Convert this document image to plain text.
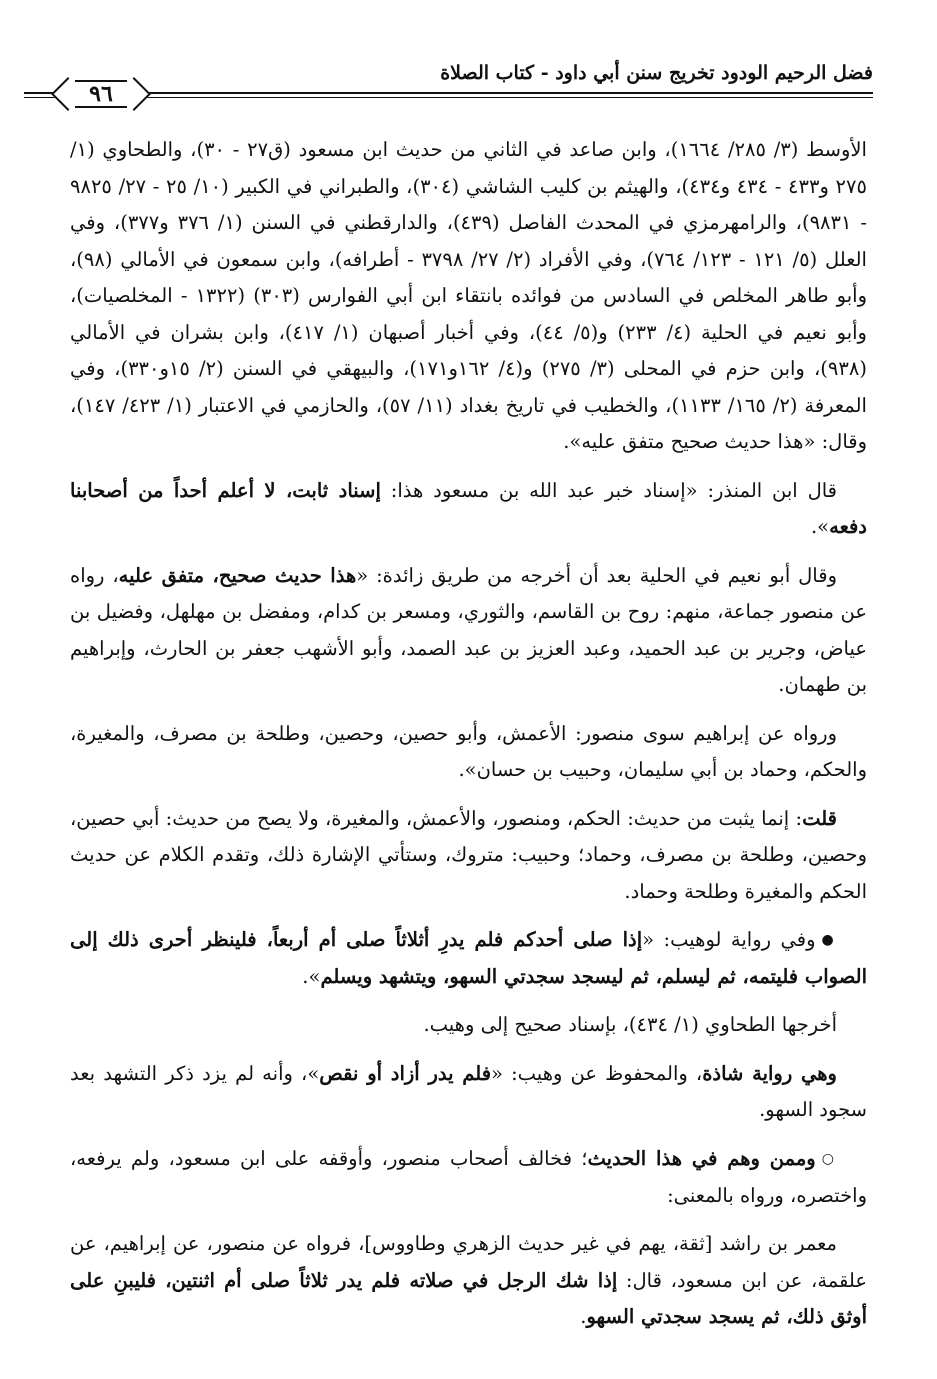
فضل الرحيم الودود تخريج سنن أبي داود - كتاب الصلاة
٩٦

الأوسط (٣/ ٢٨٥/ ١٦٦٤)، وابن صاعد في الثاني من حديث ابن مسعود (ق٢٧ - ٣٠)، والطحاوي (١/ ٢٧٥ و٤٣٣ - ٤٣٤ و٤٣٤)، والهيثم بن كليب الشاشي (٣٠٤)، والطبراني في الكبير (١٠/ ٢٥ - ٢٧/ ٩٨٢٥ - ٩٨٣١)، والرامهرمزي في المحدث الفاصل (٤٣٩)، والدارقطني في السنن (١/ ٣٧٦ و٣٧٧)، وفي العلل (٥/ ١٢١ - ١٢٣/ ٧٦٤)، وفي الأفراد (٢/ ٢٧/ ٣٧٩٨ - أطرافه)، وابن سمعون في الأمالي (٩٨)، وأبو طاهر المخلص في السادس من فوائده بانتقاء ابن أبي الفوارس (٣٠٣) (١٣٢٢ - المخلصيات)، وأبو نعيم في الحلية (٤/ ٢٣٣) و(٥/ ٤٤)، وفي أخبار أصبهان (١/ ٤١٧)، وابن بشران في الأمالي (٩٣٨)، وابن حزم في المحلى (٣/ ٢٧٥) و(٤/ ١٦٢و١٧١)، والبيهقي في السنن (٢/ ١٥و٣٣٠)، وفي المعرفة (٢/ ١٦٥/ ١١٣٣)، والخطيب في تاريخ بغداد (١١/ ٥٧)، والحازمي في الاعتبار (١/ ٤٢٣/ ١٤٧)، وقال: «هذا حديث صحيح متفق عليه».

قال ابن المنذر: «إسناد خبر عبد الله بن مسعود هذا: إسناد ثابت، لا أعلم أحداً من أصحابنا دفعه».

وقال أبو نعيم في الحلية بعد أن أخرجه من طريق زائدة: «هذا حديث صحيح، متفق عليه، رواه عن منصور جماعة، منهم: روح بن القاسم، والثوري، ومسعر بن كدام، ومفضل بن مهلهل، وفضيل بن عياض، وجرير بن عبد الحميد، وعبد العزيز بن عبد الصمد، وأبو الأشهب جعفر بن الحارث، وإبراهيم بن طهمان.

ورواه عن إبراهيم سوى منصور: الأعمش، وأبو حصين، وحصين، وطلحة بن مصرف، والمغيرة، والحكم، وحماد بن أبي سليمان، وحبيب بن حسان».

قلت: إنما يثبت من حديث: الحكم، ومنصور، والأعمش، والمغيرة، ولا يصح من حديث: أبي حصين، وحصين، وطلحة بن مصرف، وحماد؛ وحبيب: متروك، وستأتي الإشارة ذلك، وتقدم الكلام عن حديث الحكم والمغيرة وطلحة وحماد.

●وفي رواية لوهيب: «إذا صلى أحدكم فلم يدرِ أثلاثاً صلى أم أربعاً، فلينظر أحرى ذلك إلى الصواب فليتمه، ثم ليسلم، ثم ليسجد سجدتي السهو، ويتشهد ويسلم».

أخرجها الطحاوي (١/ ٤٣٤)، بإسناد صحيح إلى وهيب.

وهي رواية شاذة، والمحفوظ عن وهيب: «فلم يدر أزاد أو نقص»، وأنه لم يزد ذكر التشهد بعد سجود السهو.

○وممن وهم في هذا الحديث؛ فخالف أصحاب منصور، وأوقفه على ابن مسعود، ولم يرفعه، واختصره، ورواه بالمعنى:

معمر بن راشد [ثقة، يهم في غير حديث الزهري وطاووس]، فرواه عن منصور، عن إبراهيم، عن علقمة، عن ابن مسعود، قال: إذا شك الرجل في صلاته فلم يدر ثلاثاً صلى أم اثنتين، فليبنِ على أوثق ذلك، ثم يسجد سجدتي السهو.
